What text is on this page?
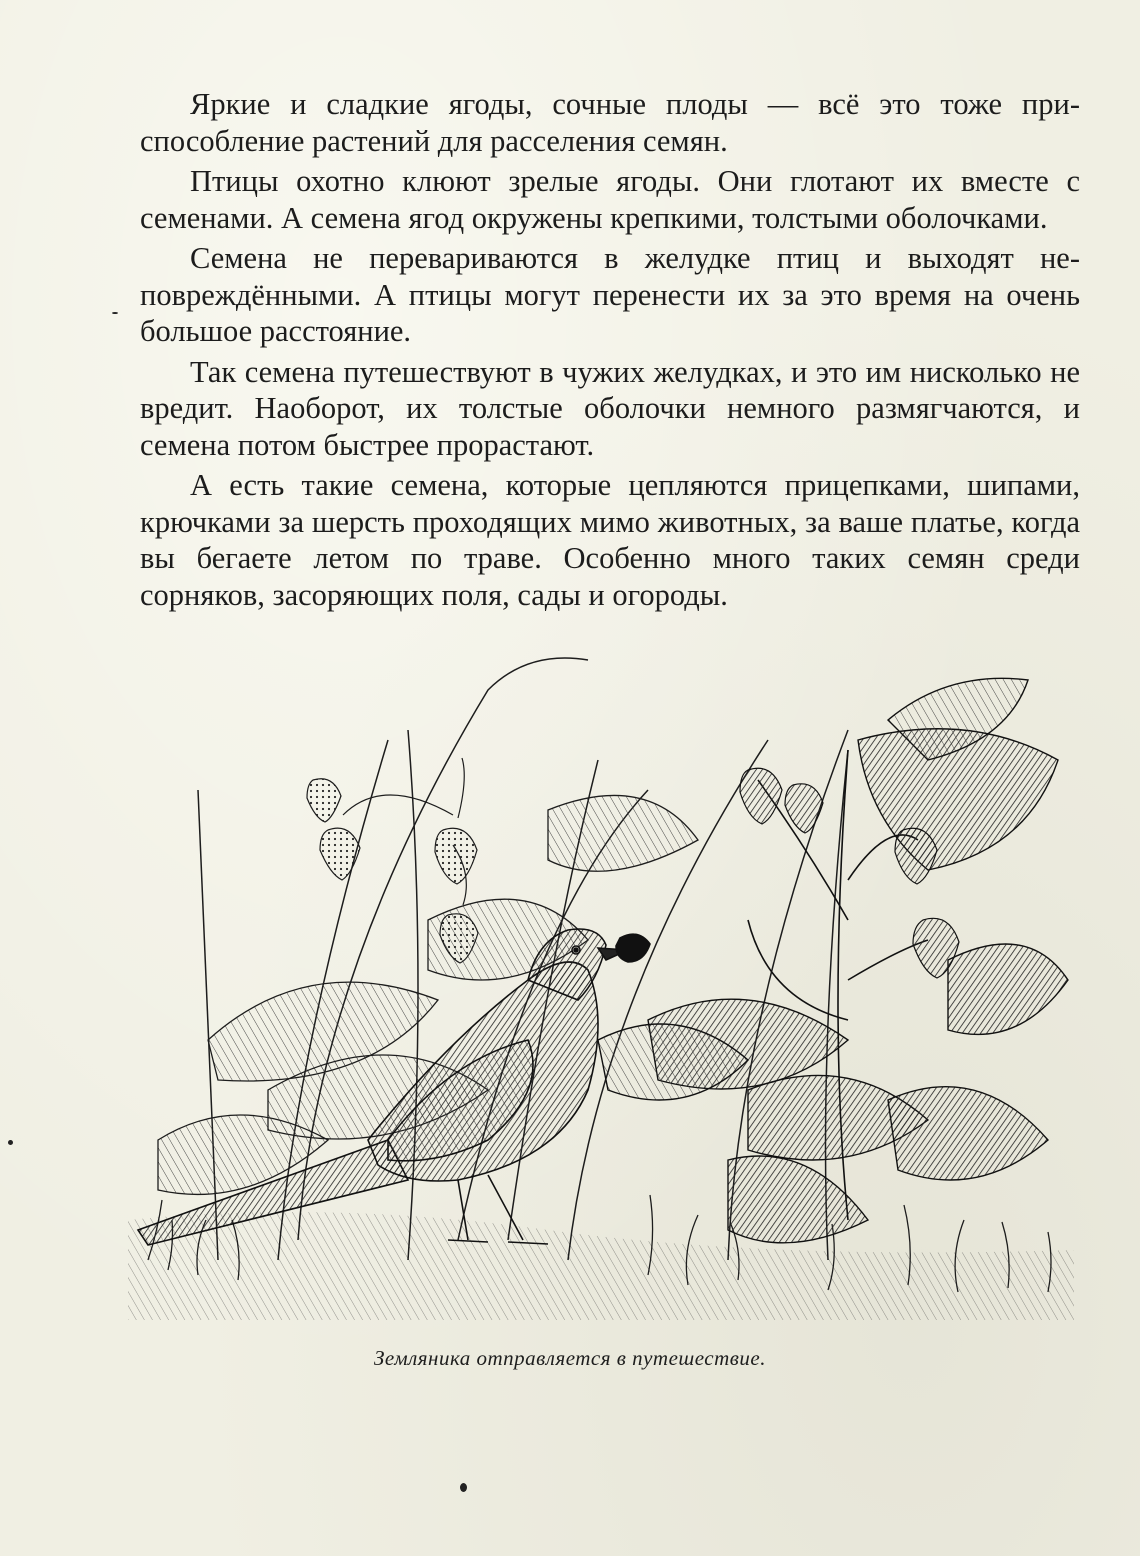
Яркие и сладкие ягоды, сочные плоды — всё это тоже приспособление растений для расселения семян.

Птицы охотно клюют зрелые ягоды. Они глотают их вместе с семенами. А семена ягод окружены крепкими, толстыми оболочками.

Семена не перевариваются в желудке птиц и выходят неповреждёнными. А птицы могут перенести их за это время на очень большое расстояние.

Так семена путешествуют в чужих желудках, и это им нисколько не вредит. Наоборот, их толстые оболочки немного размягчаются, и семена потом быстрее прорастают.

А есть такие семена, которые цепляются прицепками, шипами, крючками за шерсть проходящих мимо животных, за ваше платье, когда вы бегаете летом по траве. Особенно много таких семян среди сорняков, засоряющих поля, сады и огороды.

Земляника отправляется в путешествие.
